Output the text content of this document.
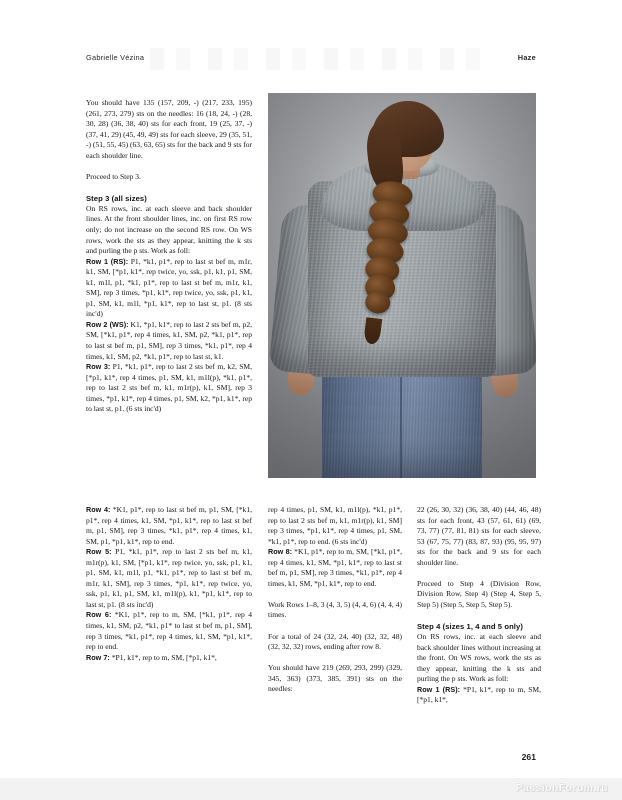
Gabrielle Vézina	Haze

You should have 135 (157, 209, -) (217, 233, 195) (261, 273, 279) sts on the needles: 16 (18, 24, -) (28, 30, 28) (36, 38, 40) sts for each front, 19 (25, 37, -) (37, 41, 29) (45, 49, 49) sts for each sleeve, 29 (35, 51, -) (51, 55, 45) (63, 63, 65) sts for the back and 9 sts for each shoulder line.

Proceed to Step 3.

Step 3 (all sizes)

On RS rows, inc. at each sleeve and back shoulder lines. At the front shoulder lines, inc. on first RS row only; do not increase on the second RS row. On WS rows, work the sts as they appear, knitting the k sts and purling the p sts. Work as foll:

Row 1 (RS): P1, *k1, p1*, rep to last st bef m, m1r, k1, SM, [*p1, k1*, rep twice, yo, ssk, p1, k1, p1, SM, k1, m1l, p1, *k1, p1*, rep to last st bef m, m1r, k1, SM], rep 3 times, *p1, k1*, rep twice, yo, ssk, p1, k1, p1, SM, k1, m1l, *p1, k1*, rep to last st, p1. (8 sts inc'd)

Row 2 (WS): K1, *p1, k1*, rep to last 2 sts bef m, p2, SM, [*k1, p1*, rep 4 times, k1, SM, p2, *k1, p1*, rep to last st bef m, p1, SM], rep 3 times, *k1, p1*, rep 4 times, k1, SM, p2, *k1, p1*, rep to last st, k1.

Row 3: P1, *k1, p1*, rep to last 2 sts bef m, k2, SM, [*p1, k1*, rep 4 times, p1, SM, k1, m1l(p), *k1, p1*, rep to last 2 sts bef m, k1, m1r(p), k1, SM], rep 3 times, *p1, k1*, rep 4 times, p1, SM, k2, *p1, k1*, rep to last st, p1. (6 sts inc'd)

Row 4: *K1, p1*, rep to last st bef m, p1, SM, [*k1, p1*, rep 4 times, k1, SM, *p1, k1*, rep to last st bef m, p1, SM], rep 3 times, *k1, p1*, rep 4 times, k1, SM, p1, *p1, k1*, rep to end.

Row 5: P1, *k1, p1*, rep to last 2 sts bef m, k1, m1r(p), k1, SM, [*p1, k1*, rep twice, yo, ssk, p1, k1, p1, SM, k1, m1l, p1, *k1, p1*, rep to last st bef m, m1r, k1, SM], rep 3 times, *p1, k1*, rep twice, yo, ssk, p1, k1, p1, SM, k1, m1l(p), k1, *p1, k1*, rep to last st, p1. (8 sts inc'd)

Row 6: *K1, p1*, rep to m, SM, [*k1, p1*, rep 4 times, k1, SM, p2, *k1, p1* to last st bef m, p1, SM], rep 3 times, *k1, p1*, rep 4 times, k1, SM, *p1, k1*, rep to end.

Row 7: *P1, k1*, rep to m, SM, [*p1, k1*,

rep 4 times, p1, SM, k1, m1l(p), *k1, p1*, rep to last 2 sts bef m, k1, m1r(p), k1, SM] rep 3 times, *p1, k1*, rep 4 times, p1, SM, *k1, p1*, rep to end. (6 sts inc'd)

Row 8: *K1, p1*, rep to m, SM, [*k1, p1*, rep 4 times, k1, SM, *p1, k1*, rep to last st bef m, p1, SM], rep 3 times, *k1, p1*, rep 4 times, k1, SM, *p1, k1*, rep to end.

Work Rows 1–8, 3 (4, 3, 5) (4, 4, 6) (4, 4, 4) times.

For a total of 24 (32, 24, 40) (32, 32, 48) (32, 32, 32) rows, ending after row 8.

You should have 219 (269, 293, 299) (329, 345, 363) (373, 385, 391) sts on the needles:

22 (26, 30, 32) (36, 38, 40) (44, 46, 48) sts for each front, 43 (57, 61, 61) (69, 73, 77) (77, 81, 81) sts for each sleeve, 53 (67, 75, 77) (83, 87, 93) (95, 95, 97) sts for the back and 9 sts for each shoulder line.

Proceed to Step 4 (Division Row, Division Row, Step 4) (Step 4, Step 5, Step 5) (Step 5, Step 5, Step 5).

Step 4 (sizes 1, 4 and 5 only)

On RS rows, inc. at each sleeve and back shoulder lines without increasing at the front. On WS rows, work the sts as they appear, knitting the k sts and purling the p sts. Work as foll:

Row 1 (RS): *P1, k1*, rep to m, SM, [*p1, k1*,

261
PassionForum.ru
